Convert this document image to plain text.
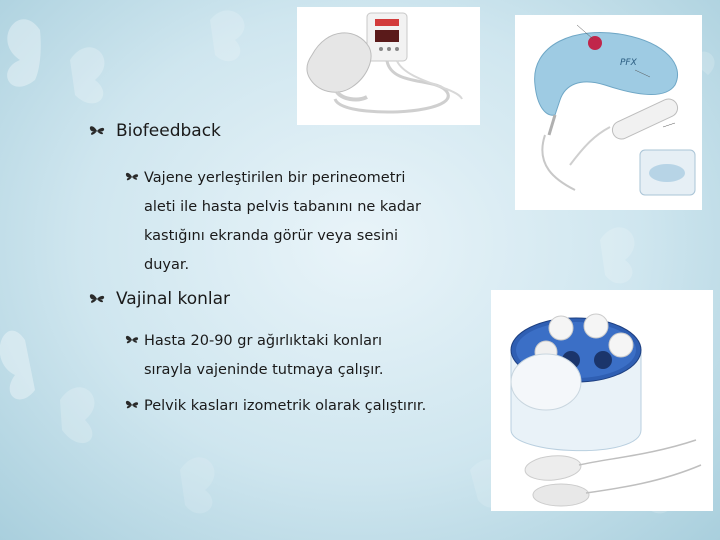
Biofeedback
Vajene yerleştirilen bir perineometri
aleti ile hasta pelvis tabanını ne kadar
kastığını ekranda görür veya sesini
duyar.
Vajinal konlar
Hasta 20-90 gr ağırlıktaki konları
sırayla vajeninde tutmaya çalışır.
Pelvik kasları izometrik olarak çalıştırır.
PFX
